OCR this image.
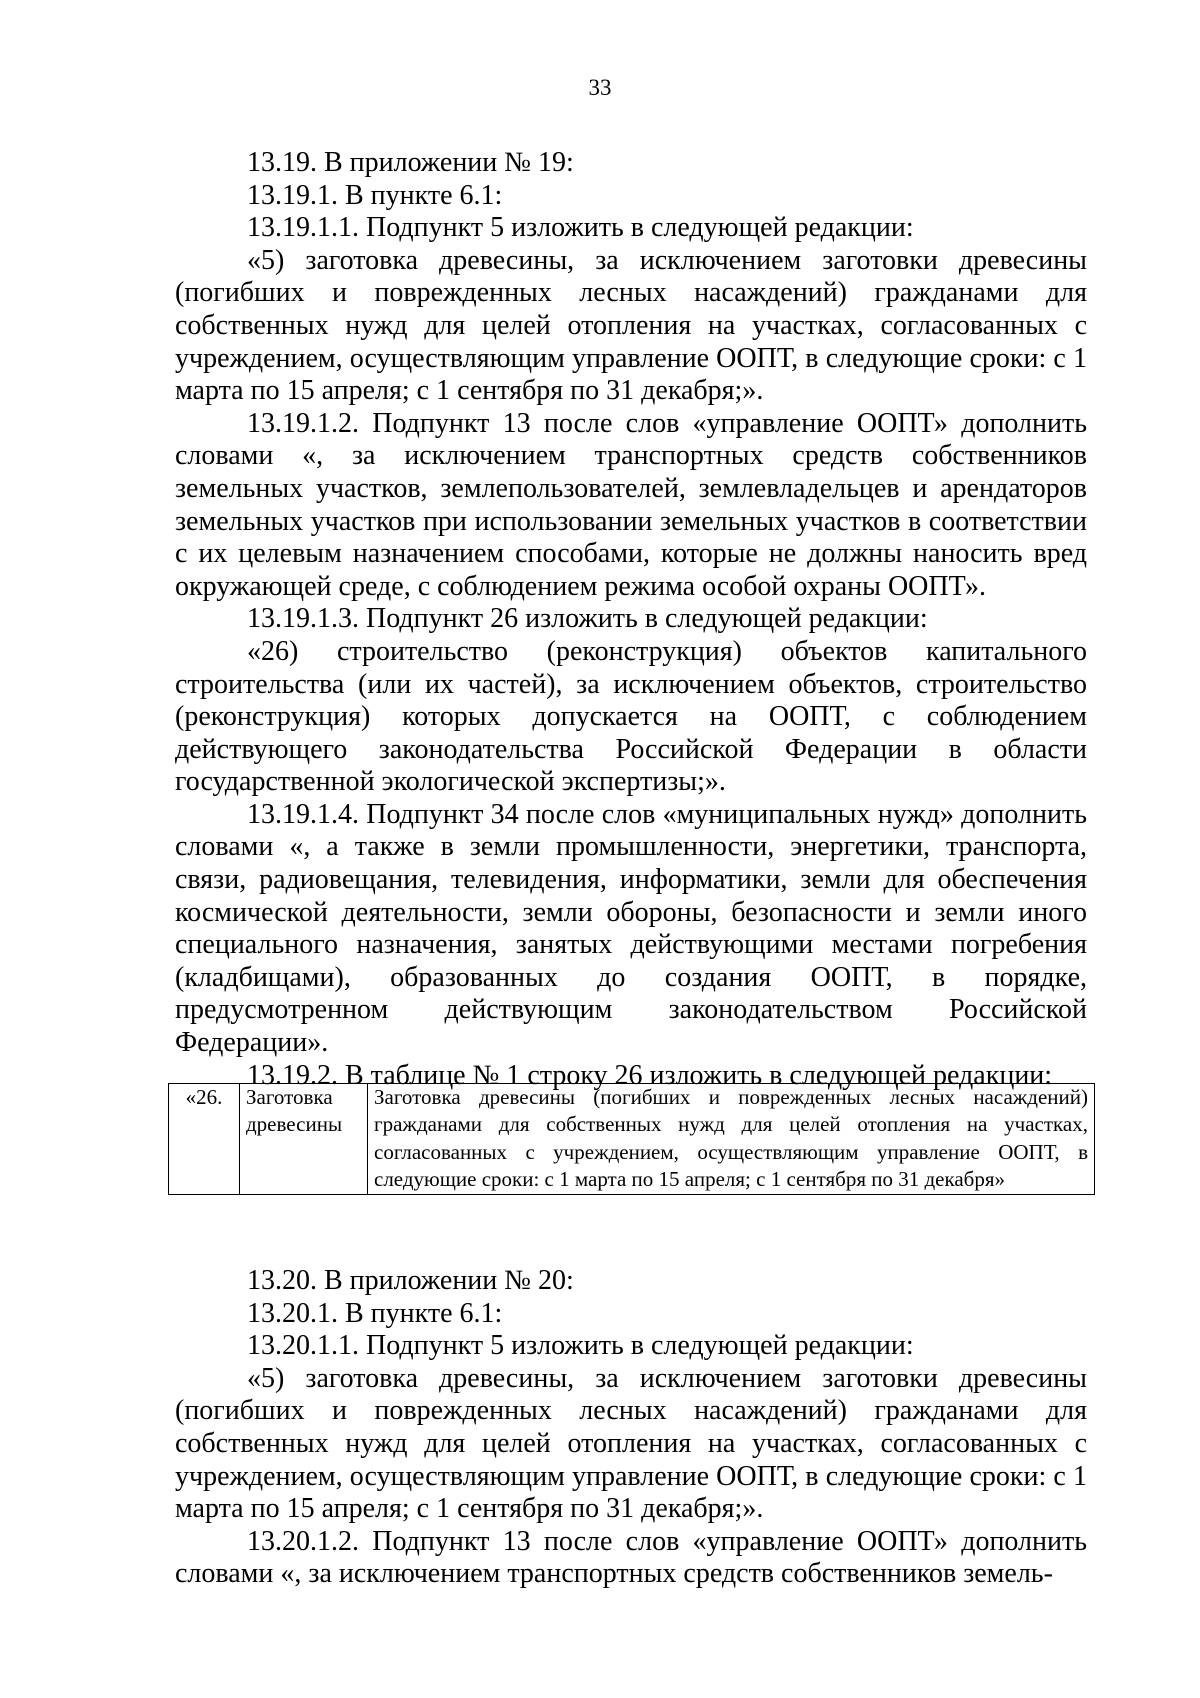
33

13.19. В приложении № 19:

13.19.1. В пункте 6.1:

13.19.1.1. Подпункт 5 изложить в следующей редакции:

«5) заготовка древесины, за исключением заготовки древесины (погибших и поврежденных лесных насаждений) гражданами для собственных нужд для целей отопления на участках, согласованных с учреждением, осуществляющим управление ООПТ, в следующие сроки: с 1 марта по 15 апреля; с 1 сентября по 31 декабря;».

13.19.1.2. Подпункт 13 после слов «управление ООПТ» дополнить словами «, за исключением транспортных средств собственников земельных участков, землепользователей, землевладельцев и арендаторов земельных участков при использовании земельных участков в соответствии с их целевым назначением способами, которые не должны наносить вред окружающей среде, с соблюдением режима особой охраны ООПТ».

13.19.1.3. Подпункт 26 изложить в следующей редакции:

«26) строительство (реконструкция) объектов капитального строительства (или их частей), за исключением объектов, строительство (реконструкция) которых допускается на ООПТ, с соблюдением действующего законодательства Российской Федерации в области государственной экологической экспертизы;».

13.19.1.4. Подпункт 34 после слов «муниципальных нужд» дополнить словами «, а также в земли промышленности, энергетики, транспорта, связи, радиовещания, телевидения, информатики, земли для обеспечения космической деятельности, земли обороны, безопасности и земли иного специального назначения, занятых действующими местами погребения (кладбищами), образованных до создания ООПТ, в порядке, предусмотренном действующим законодательством Российской Федерации».

13.19.2. В таблице № 1 строку 26 изложить в следующей редакции:

«26.	Заготовка древесины	Заготовка древесины (погибших и поврежденных лесных насаждений) гражданами для собственных нужд для целей отопления на участках, согласованных с учреждением, осуществляющим управление ООПТ, в следующие сроки: с 1 марта по 15 апреля; с 1 сентября по 31 декабря»

13.20. В приложении № 20:

13.20.1. В пункте 6.1:

13.20.1.1. Подпункт 5 изложить в следующей редакции:

«5) заготовка древесины, за исключением заготовки древесины (погибших и поврежденных лесных насаждений) гражданами для собственных нужд для целей отопления на участках, согласованных с учреждением, осуществляющим управление ООПТ, в следующие сроки: с 1 марта по 15 апреля; с 1 сентября по 31 декабря;».

13.20.1.2. Подпункт 13 после слов «управление ООПТ» дополнить словами «, за исключением транспортных средств собственников земель-
